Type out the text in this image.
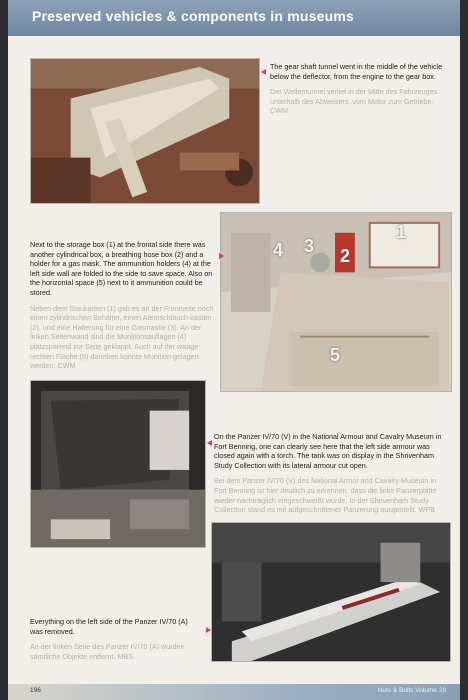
Preserved vehicles & components in museums
The gear shaft tunnel went in the middle of the vehicle below the deflector, from the engine to the gear box.
Der Wellentunnel verlief in der Mitte des Fahrzeuges unterhalb des Abweisers, vom Motor zum Getriebe. CWM
1
2
3
4
5
Next to the storage box (1) at the frontal side there was another cylindrical box, a breathing hose box (2) and a holder for a gas mask. The ammunition holders (4) at the left side wall are folded to the side to save space. Also on the horizontal space (5) next to it ammunition could be stored.
Neben dem Staukasten (1) gab es an der Frontseite noch einen zylindrischen Behälter, einen Atemschlauch-kasten (2), und eine Halterung für eine Gasmaske (3). An der linken Seitenwand sind die Munitionsauflagen (4) platzsparend zur Seite geklappt. Auch auf der waage-rechten Fläche (5) daneben konnte Munition gelagert werden. CWM
On the Panzer IV/70 (V) in the National Armour and Cavalry Museum in Fort Benning, one can clearly see here that the left side armour was closed again with a torch. The tank was on display in the Shrivenham Study Collection with its lateral armour cut open.
Bei dem Panzer IV/70 (V) des National Armor and Cavalry Museum in Fort Benning ist hier deutlich zu erkennen, dass die linke Panzerplatte wieder nachträglich eingeschweißt wurde. In der Shrivenham Study Collection stand es mit aufgeschnittener Panzerung ausgestellt. WPB
Everything on the left side of the Panzer IV/70 (A) was removed.
An der linken Seite des Panzer IV/70 (A) wurden sämtliche Objekte entfernt. MBS
196	Nuts & Bolts Volume 28
